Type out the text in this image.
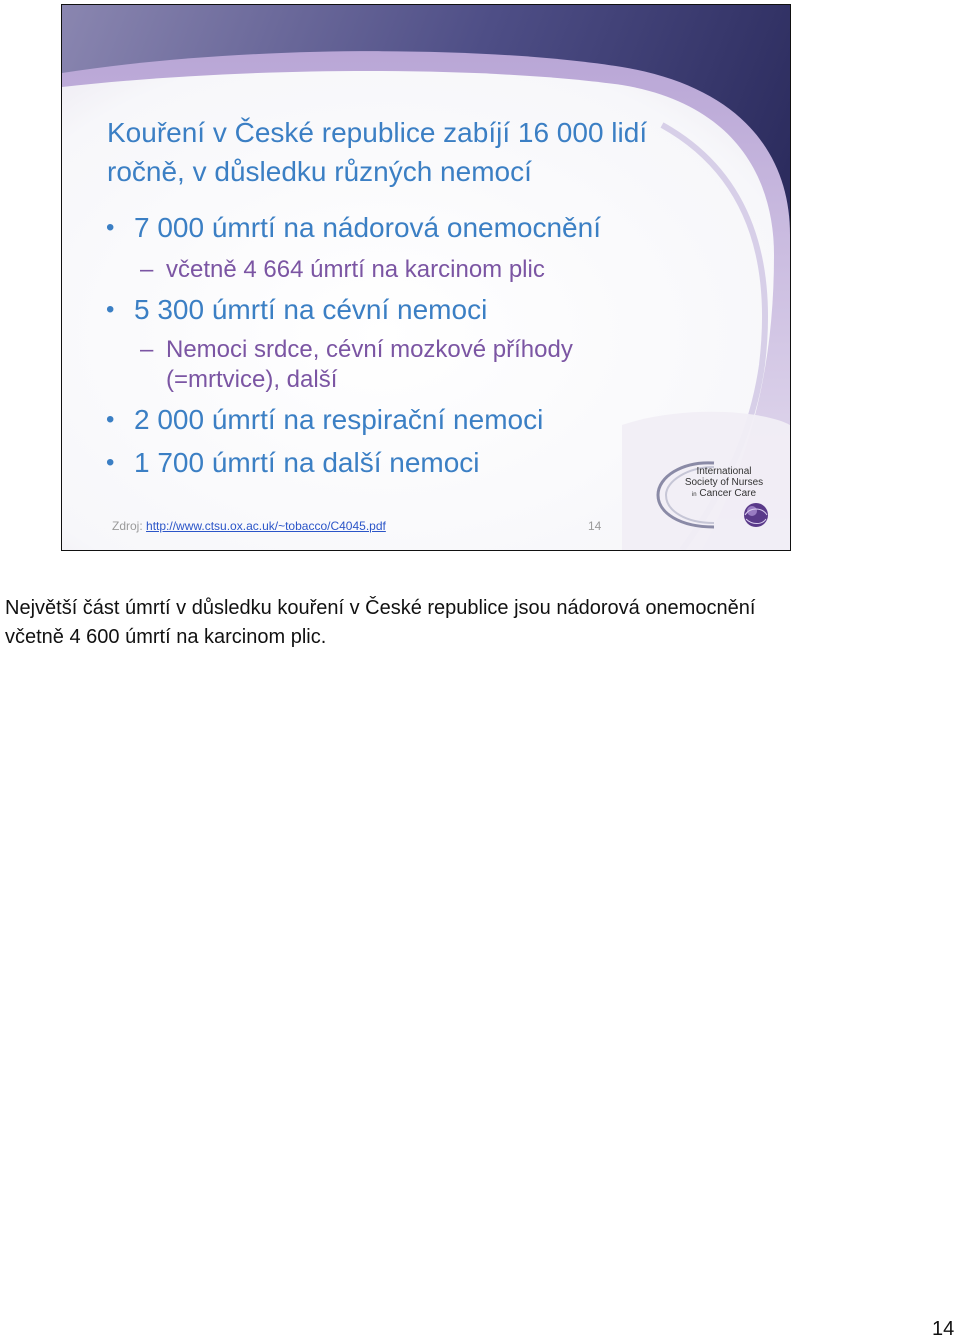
Kouření v České republice zabíjí 16 000 lidí
ročně, v důsledku různých nemocí
• 7 000 úmrtí na nádorová onemocnění
– včetně 4 664 úmrtí na karcinom plic
• 5 300 úmrtí na cévní nemoci
– Nemoci srdce, cévní mozkové příhody
(=mrtvice), další
• 2 000 úmrtí na respirační nemoci
• 1 700 úmrtí na další nemoci	International
Society of Nurses
in Cancer Care
Zdroj: http://www.ctsu.ox.ac.uk/~tobacco/C4045.pdf	14
Největší část úmrtí v důsledku kouření v České republice jsou nádorová onemocnění
včetně 4 600 úmrtí na karcinom plic.
14
